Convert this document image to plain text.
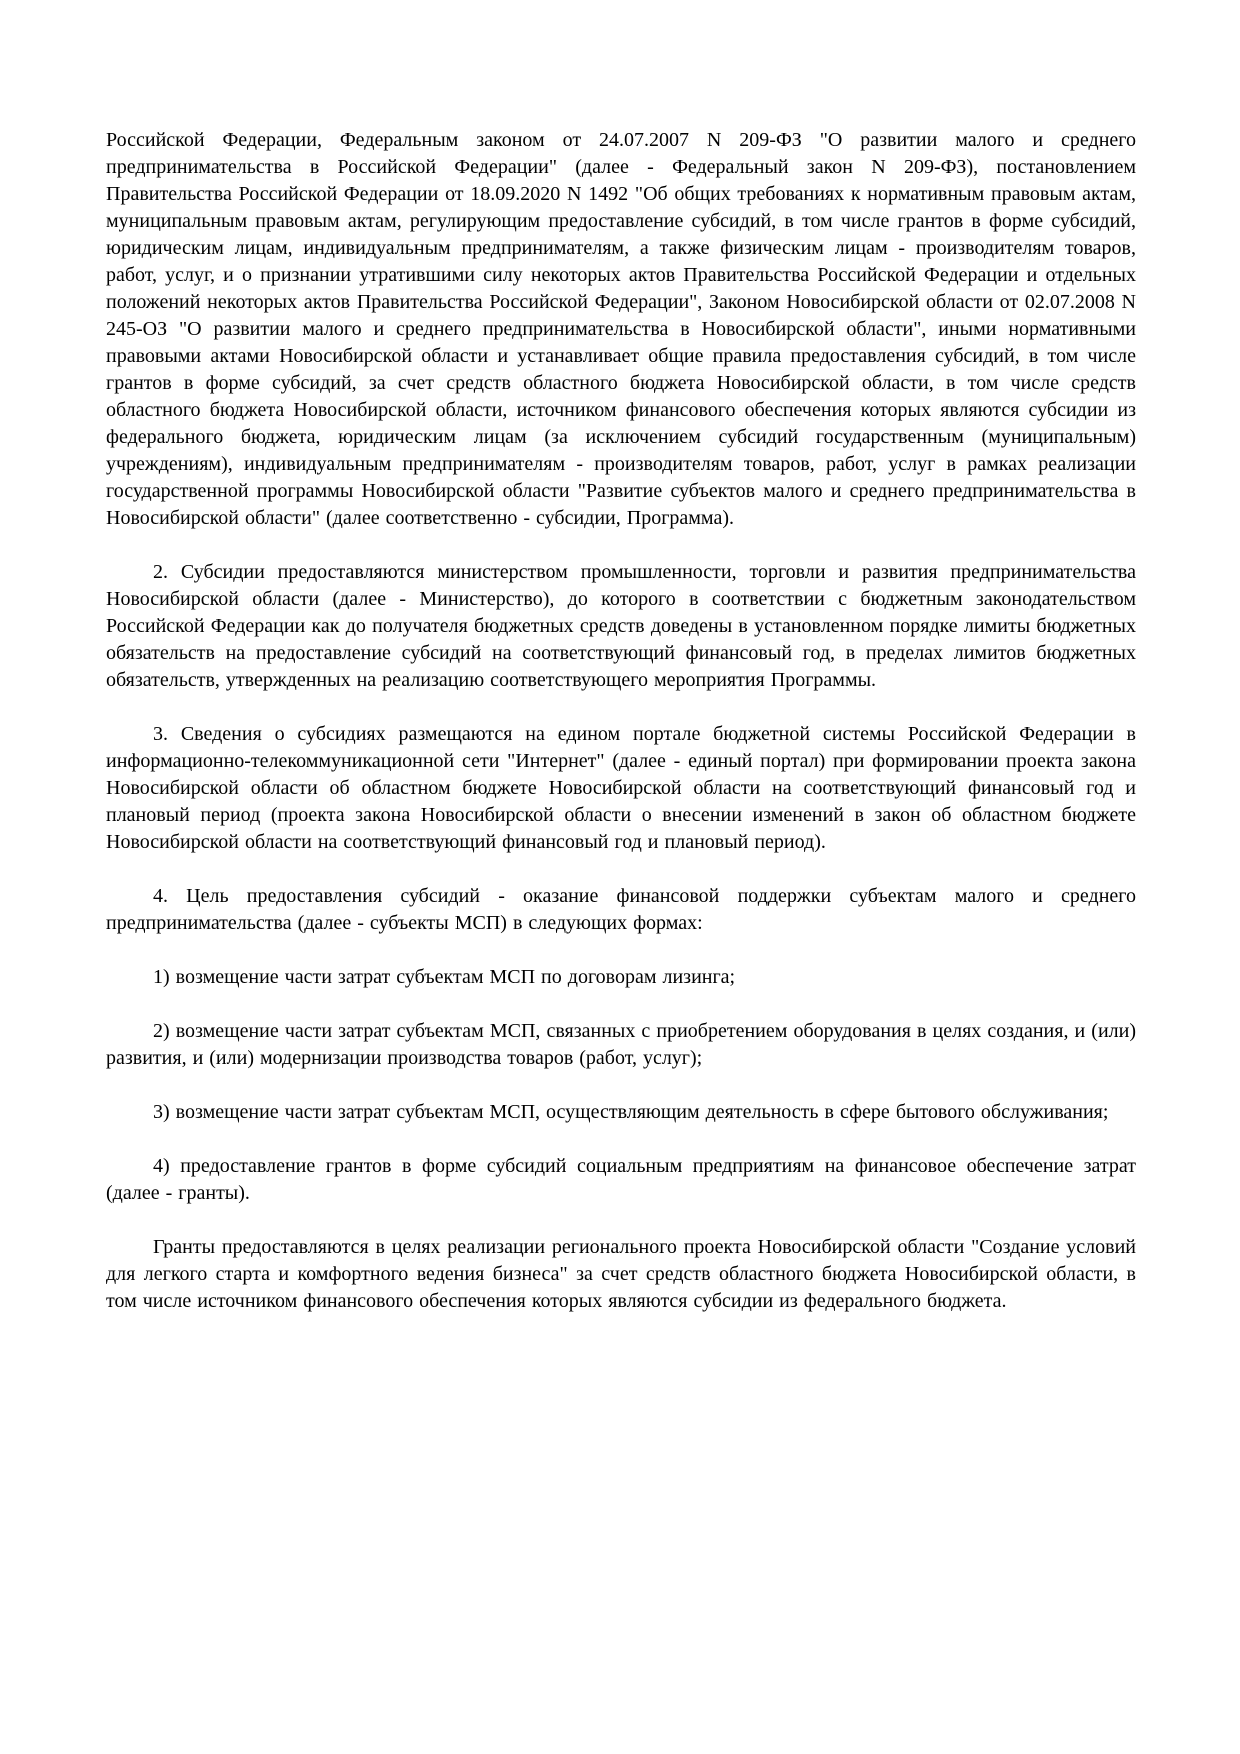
Российской Федерации, Федеральным законом от 24.07.2007 N 209-ФЗ "О развитии малого и среднего предпринимательства в Российской Федерации" (далее - Федеральный закон N 209-ФЗ), постановлением Правительства Российской Федерации от 18.09.2020 N 1492 "Об общих требованиях к нормативным правовым актам, муниципальным правовым актам, регулирующим предоставление субсидий, в том числе грантов в форме субсидий, юридическим лицам, индивидуальным предпринимателям, а также физическим лицам - производителям товаров, работ, услуг, и о признании утратившими силу некоторых актов Правительства Российской Федерации и отдельных положений некоторых актов Правительства Российской Федерации", Законом Новосибирской области от 02.07.2008 N 245-ОЗ "О развитии малого и среднего предпринимательства в Новосибирской области", иными нормативными правовыми актами Новосибирской области и устанавливает общие правила предоставления субсидий, в том числе грантов в форме субсидий, за счет средств областного бюджета Новосибирской области, в том числе средств областного бюджета Новосибирской области, источником финансового обеспечения которых являются субсидии из федерального бюджета, юридическим лицам (за исключением субсидий государственным (муниципальным) учреждениям), индивидуальным предпринимателям - производителям товаров, работ, услуг в рамках реализации государственной программы Новосибирской области "Развитие субъектов малого и среднего предпринимательства в Новосибирской области" (далее соответственно - субсидии, Программа).

2. Субсидии предоставляются министерством промышленности, торговли и развития предпринимательства Новосибирской области (далее - Министерство), до которого в соответствии с бюджетным законодательством Российской Федерации как до получателя бюджетных средств доведены в установленном порядке лимиты бюджетных обязательств на предоставление субсидий на соответствующий финансовый год, в пределах лимитов бюджетных обязательств, утвержденных на реализацию соответствующего мероприятия Программы.

3. Сведения о субсидиях размещаются на едином портале бюджетной системы Российской Федерации в информационно-телекоммуникационной сети "Интернет" (далее - единый портал) при формировании проекта закона Новосибирской области об областном бюджете Новосибирской области на соответствующий финансовый год и плановый период (проекта закона Новосибирской области о внесении изменений в закон об областном бюджете Новосибирской области на соответствующий финансовый год и плановый период).

4. Цель предоставления субсидий - оказание финансовой поддержки субъектам малого и среднего предпринимательства (далее - субъекты МСП) в следующих формах:

1) возмещение части затрат субъектам МСП по договорам лизинга;

2) возмещение части затрат субъектам МСП, связанных с приобретением оборудования в целях создания, и (или) развития, и (или) модернизации производства товаров (работ, услуг);

3) возмещение части затрат субъектам МСП, осуществляющим деятельность в сфере бытового обслуживания;

4) предоставление грантов в форме субсидий социальным предприятиям на финансовое обеспечение затрат (далее - гранты).

Гранты предоставляются в целях реализации регионального проекта Новосибирской области "Создание условий для легкого старта и комфортного ведения бизнеса" за счет средств областного бюджета Новосибирской области, в том числе источником финансового обеспечения которых являются субсидии из федерального бюджета.
